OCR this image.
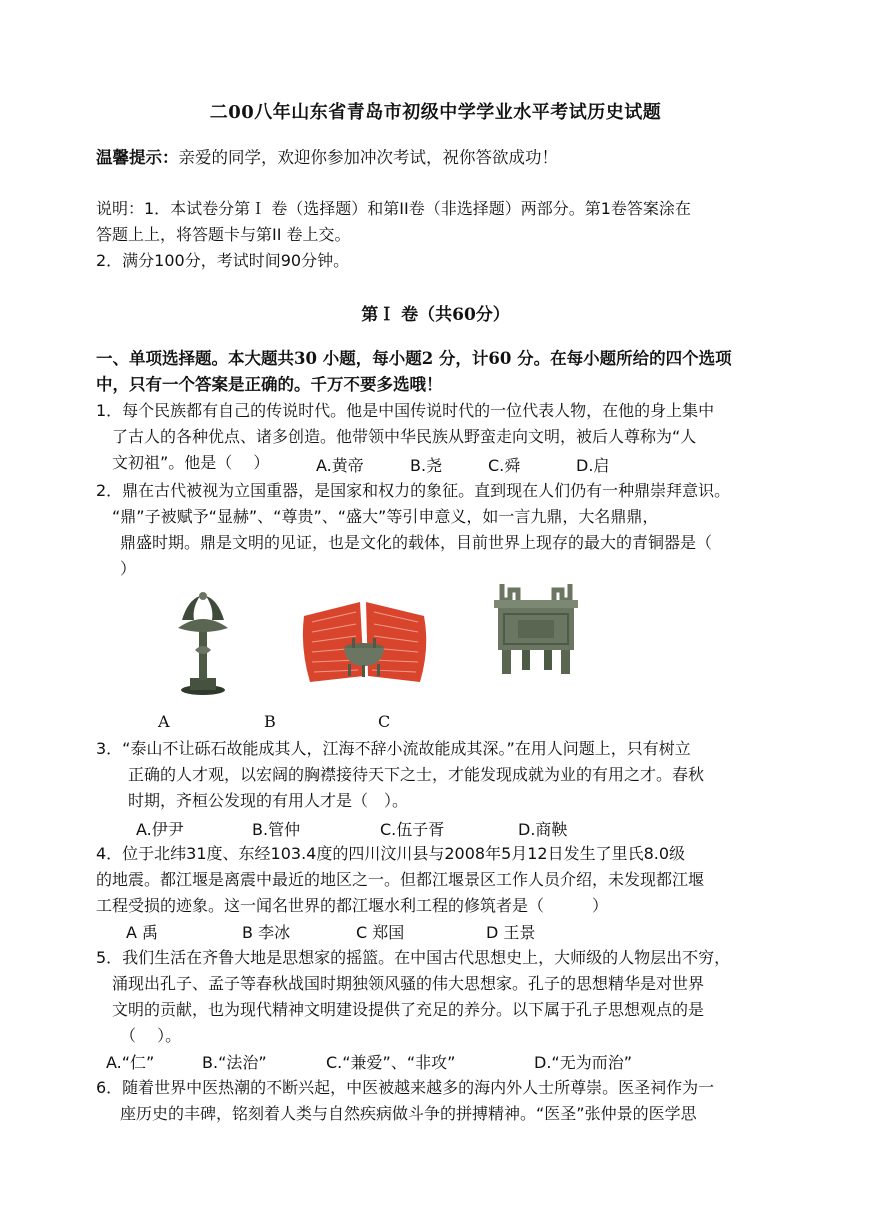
二00八年山东省青岛市初级中学学业水平考试历史试题
温馨提示：亲爱的同学，欢迎你参加冲次考试，祝你答欲成功！
说明：1．本试卷分第Ｉ 卷（选择题）和第II卷（非选择题）两部分。第1卷答案涂在
答题上上，将答题卡与第II 卷上交。
2．满分100分，考试时间90分钟。
第Ｉ 卷（共60分）
一、单项选择题。本大题共30 小题，每小题2 分，计60 分。在每小题所给的四个选项
中，只有一个答案是正确的。千万不要多选哦！
1．每个民族都有自己的传说时代。他是中国传说时代的一位代表人物，在他的身上集中
了古人的各种优点、诸多创造。他带领中华民族从野蛮走向文明，被后人尊称为“人
文初祖”。他是（　 ）	A.黄帝	B.尧	C.舜	D.启
2．鼎在古代被视为立国重器，是国家和权力的象征。直到现在人们仍有一种鼎崇拜意识。
“鼎”子被赋予“显赫”、“尊贵”、“盛大”等引申意义，如一言九鼎，大名鼎鼎，
鼎盛时期。鼎是文明的见证，也是文化的载体，目前世界上现存的最大的青铜器是（
）
A	B	C
3．“泰山不让砾石故能成其人，江海不辞小流故能成其深。”在用人问题上，只有树立
正确的人才观，以宏阔的胸襟接待天下之士，才能发现成就为业的有用之才。春秋
时期，齐桓公发现的有用人才是（　）。
A.伊尹	B.管仲	C.伍子胥	D.商鞅
4．位于北纬31度、东经103.4度的四川汶川县与2008年5月12日发生了里氏8.0级
的地震。都江堰是离震中最近的地区之一。但都江堰景区工作人员介绍，未发现都江堰
工程受损的迹象。这一闻名世界的都江堰水利工程的修筑者是（　　　）
A 禹	B 李冰	C 郑国	D 王景
5．我们生活在齐鲁大地是思想家的摇篮。在中国古代思想史上，大师级的人物层出不穷，
涌现出孔子、孟子等春秋战国时期独领风骚的伟大思想家。孔子的思想精华是对世界
文明的贡献，也为现代精神文明建设提供了充足的养分。以下属于孔子思想观点的是
（　 ）。
A.“仁”	B.“法治”	C.“兼爱”、“非攻”	D.“无为而治”
6．随着世界中医热潮的不断兴起，中医被越来越多的海内外人士所尊崇。医圣祠作为一
座历史的丰碑，铭刻着人类与自然疾病做斗争的拼搏精神。“医圣”张仲景的医学思
